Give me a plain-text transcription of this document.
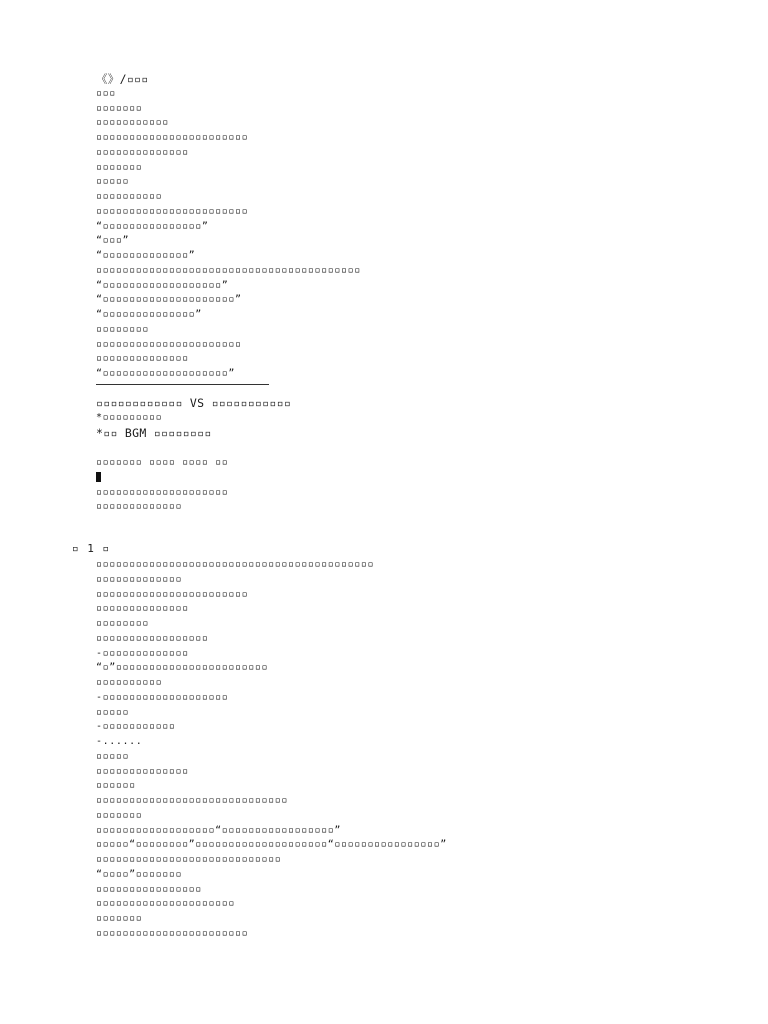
《》/▫▫▫
▫▫▫
▫▫▫▫▫▫▫
▫▫▫▫▫▫▫▫▫▫▫
▫▫▫▫▫▫▫▫▫▫▫▫▫▫▫▫▫▫▫▫▫▫▫
▫▫▫▫▫▫▫▫▫▫▫▫▫▫
▫▫▫▫▫▫▫
▫▫▫▫▫
▫▫▫▫▫▫▫▫▫▫
▫▫▫▫▫▫▫▫▫▫▫▫▫▫▫▫▫▫▫▫▫▫▫
“▫▫▫▫▫▫▫▫▫▫▫▫▫▫▫”
“▫▫▫”
“▫▫▫▫▫▫▫▫▫▫▫▫▫”
▫▫▫▫▫▫▫▫▫▫▫▫▫▫▫▫▫▫▫▫▫▫▫▫▫▫▫▫▫▫▫▫▫▫▫▫▫▫▫▫
“▫▫▫▫▫▫▫▫▫▫▫▫▫▫▫▫▫▫”
“▫▫▫▫▫▫▫▫▫▫▫▫▫▫▫▫▫▫▫▫”
“▫▫▫▫▫▫▫▫▫▫▫▫▫▫”
▫▫▫▫▫▫▫▫
▫▫▫▫▫▫▫▫▫▫▫▫▫▫▫▫▫▫▫▫▫▫
▫▫▫▫▫▫▫▫▫▫▫▫▫▫
“▫▫▫▫▫▫▫▫▫▫▫▫▫▫▫▫▫▫▫”
▫▫▫▫▫▫▫▫▫▫▫▫ VS ▫▫▫▫▫▫▫▫▫▫▫
*▫▫▫▫▫▫▫▫▫
*▫▫ BGM ▫▫▫▫▫▫▫▫
▫▫▫▫▫▫▫ ▫▫▫▫ ▫▫▫▫ ▫▫
▫▫▫▫▫▫▫▫▫▫▫▫▫▫▫▫▫▫▫▫
▫▫▫▫▫▫▫▫▫▫▫▫▫
▫ 1 ▫
▫▫▫▫▫▫▫▫▫▫▫▫▫▫▫▫▫▫▫▫▫▫▫▫▫▫▫▫▫▫▫▫▫▫▫▫▫▫▫▫▫▫
▫▫▫▫▫▫▫▫▫▫▫▫▫
▫▫▫▫▫▫▫▫▫▫▫▫▫▫▫▫▫▫▫▫▫▫▫
▫▫▫▫▫▫▫▫▫▫▫▫▫▫
▫▫▫▫▫▫▫▫
▫▫▫▫▫▫▫▫▫▫▫▫▫▫▫▫▫
-▫▫▫▫▫▫▫▫▫▫▫▫▫
“▫”▫▫▫▫▫▫▫▫▫▫▫▫▫▫▫▫▫▫▫▫▫▫▫
▫▫▫▫▫▫▫▫▫▫
-▫▫▫▫▫▫▫▫▫▫▫▫▫▫▫▫▫▫▫
▫▫▫▫▫
-▫▫▫▫▫▫▫▫▫▫▫
-......
▫▫▫▫▫
▫▫▫▫▫▫▫▫▫▫▫▫▫▫
▫▫▫▫▫▫
▫▫▫▫▫▫▫▫▫▫▫▫▫▫▫▫▫▫▫▫▫▫▫▫▫▫▫▫▫
▫▫▫▫▫▫▫
▫▫▫▫▫▫▫▫▫▫▫▫▫▫▫▫▫▫“▫▫▫▫▫▫▫▫▫▫▫▫▫▫▫▫▫”
▫▫▫▫▫“▫▫▫▫▫▫▫▫”▫▫▫▫▫▫▫▫▫▫▫▫▫▫▫▫▫▫▫▫“▫▫▫▫▫▫▫▫▫▫▫▫▫▫▫▫”
▫▫▫▫▫▫▫▫▫▫▫▫▫▫▫▫▫▫▫▫▫▫▫▫▫▫▫▫
“▫▫▫▫”▫▫▫▫▫▫▫
▫▫▫▫▫▫▫▫▫▫▫▫▫▫▫▫
▫▫▫▫▫▫▫▫▫▫▫▫▫▫▫▫▫▫▫▫▫
▫▫▫▫▫▫▫
▫▫▫▫▫▫▫▫▫▫▫▫▫▫▫▫▫▫▫▫▫▫▫
